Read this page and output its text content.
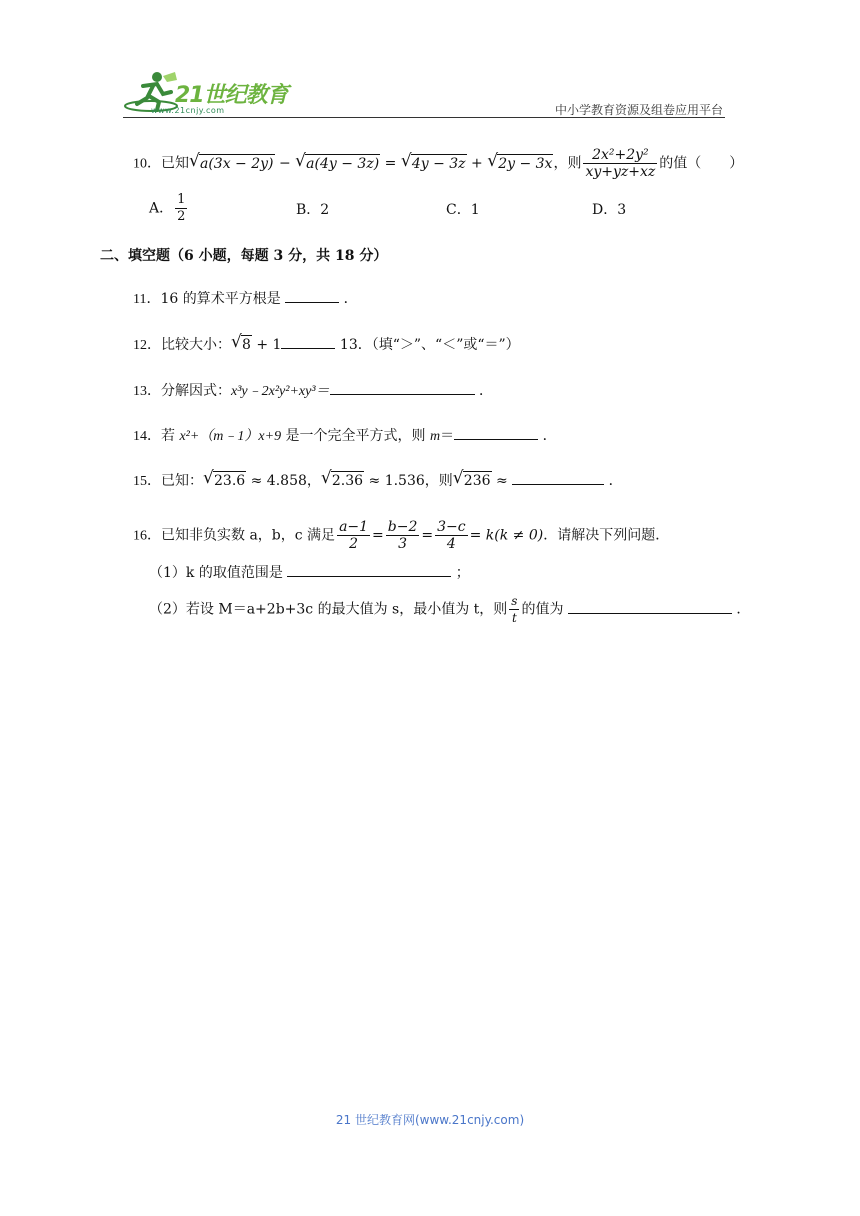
21世纪教育
www.21cnjy.com	中小学教育资源及组卷应用平台
10．已知 √ a(3x − 2y) − √ a(4y − 3z) = √ 4y − 3z + √ 2y − 3x，则 $\frac{\text{2x²+2y²}}{xy+yz+xz}$ 的值（　　）
A． $\frac{1}{2}$	B．2	C．1	D．3
二、填空题（6 小题，每题 3 分，共 18 分）
11．16 的算术平方根是	．
12．比较大小： √ 8 + 1	13．（填“＞”、“＜”或“＝”）
13．分解因式：x³y﹣2x²y²+xy³＝	．
14．若 x²+（m﹣1）x+9 是一个完全平方式，则 m＝	．
15．已知： √ 23.6 ≈ 4.858， √ 2.36 ≈ 1.536，则 √ 236 ≈	．
16．已知非负实数 a，b，c 满足 $\frac{a-1}{2} = \frac{b-2}{3} = \frac{3-c}{4} = k(k \ne 0)$．请解决下列问题．
（1）k 的取值范围是	；
（2）若设 M＝a+2b+3c 的最大值为 s，最小值为 t，则 $\frac{s}{t}$ 的值为	．
21 世纪教育网(www.21cnjy.com)
